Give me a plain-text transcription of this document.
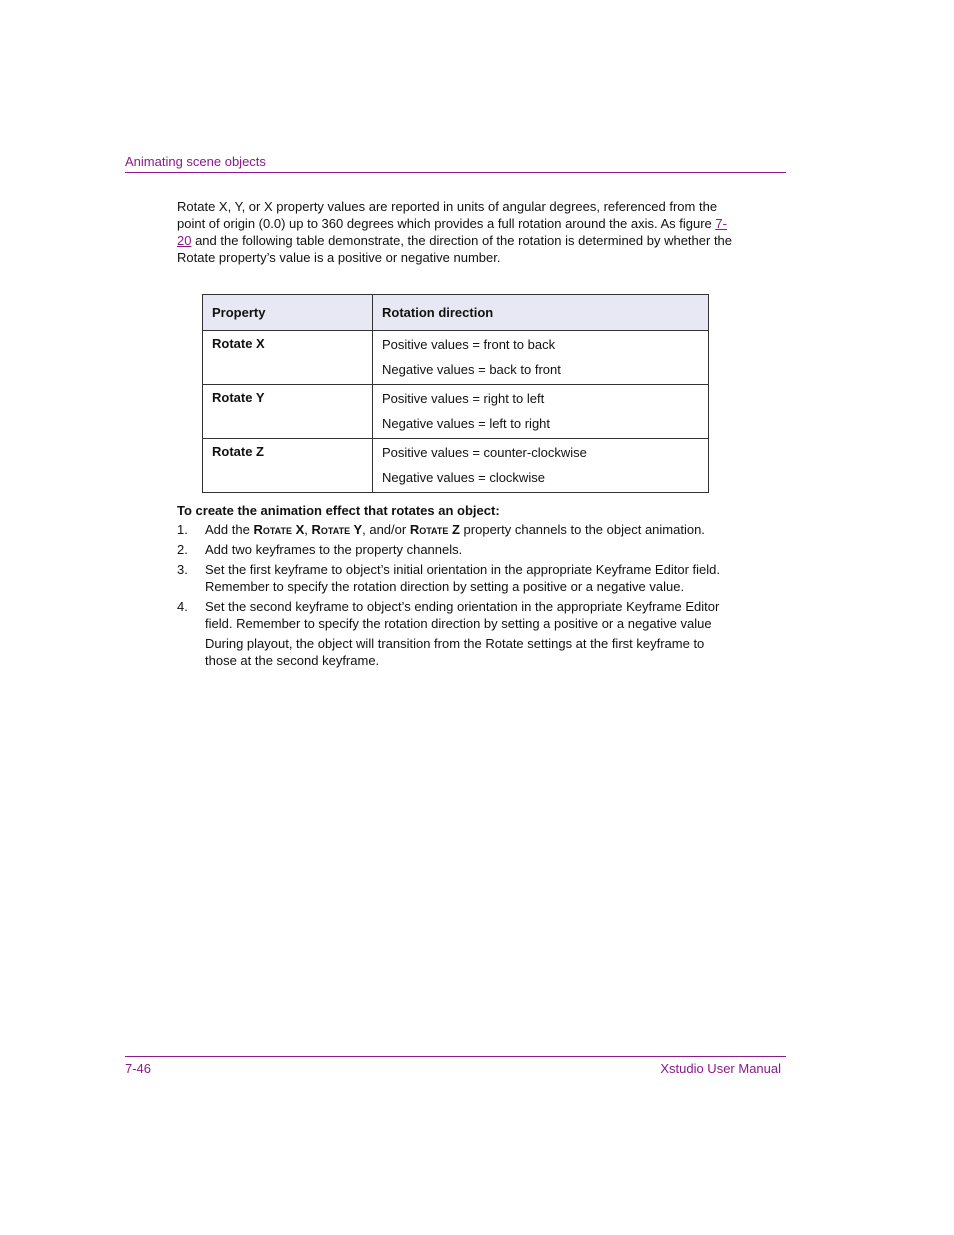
Animating scene objects

Rotate X, Y, or X property values are reported in units of angular degrees, referenced from the point of origin (0.0) up to 360 degrees which provides a full rotation around the axis. As figure 7-20 and the following table demonstrate, the direction of the rotation is determined by whether the Rotate property’s value is a positive or negative number.

Property	Rotation direction
Rotate X	Positive values = front to back
Negative values = back to front

Rotate Y	Positive values = right to left
Negative values = left to right

Rotate Z	Positive values = counter-clockwise
Negative values = clockwise
To create the animation effect that rotates an object:
1. Add the Rotate X, Rotate Y, and/or Rotate Z property channels to the object animation.
2. Add two keyframes to the property channels.
3. Set the first keyframe to object’s initial orientation in the appropriate Keyframe Editor field. Remember to specify the rotation direction by setting a positive or a negative value.
4. Set the second keyframe to object’s ending orientation in the appropriate Keyframe Editor field. Remember to specify the rotation direction by setting a positive or a negative value
During playout, the object will transition from the Rotate settings at the first keyframe to those at the second keyframe.
7-46	Xstudio User Manual
